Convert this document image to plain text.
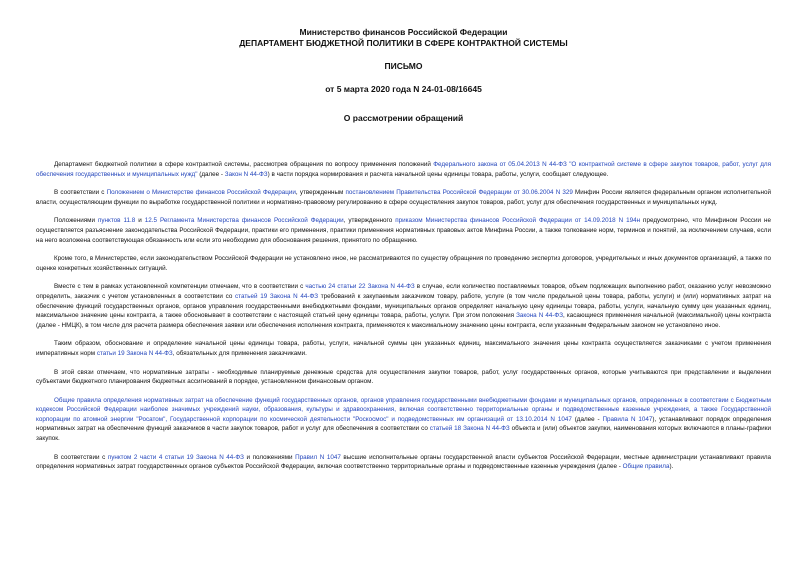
Министерство финансов Российской Федерации
ДЕПАРТАМЕНТ БЮДЖЕТНОЙ ПОЛИТИКИ В СФЕРЕ КОНТРАКТНОЙ СИСТЕМЫ
ПИСЬМО
от 5 марта 2020 года N 24-01-08/16645
О рассмотрении обращений

Департамент бюджетной политики в сфере контрактной системы, рассмотрев обращения по вопросу применения положений Федерального закона от 05.04.2013 N 44-ФЗ "О контрактной системе в сфере закупок товаров, работ, услуг для обеспечения государственных и муниципальных нужд" (далее - Закон N 44-ФЗ) в части порядка нормирования и расчета начальной цены единицы товара, работы, услуги, сообщает следующее.

В соответствии с Положением о Министерстве финансов Российской Федерации, утвержденным постановлением Правительства Российской Федерации от 30.06.2004 N 329 Минфин России является федеральным органом исполнительной власти, осуществляющим функции по выработке государственной политики и нормативно-правовому регулированию в сфере осуществления закупок товаров, работ, услуг для обеспечения государственных и муниципальных нужд.

Положениями пунктов 11.8 и 12.5 Регламента Министерства финансов Российской Федерации, утвержденного приказом Министерства финансов Российской Федерации от 14.09.2018 N 194н предусмотрено, что Минфином России не осуществляется разъяснение законодательства Российской Федерации, практики его применения, практики применения нормативных правовых актов Минфина России, а также толкование норм, терминов и понятий, за исключением случаев, если на него возложена соответствующая обязанность или если это необходимо для обоснования решения, принятого по обращению.

Кроме того, в Министерстве, если законодательством Российской Федерации не установлено иное, не рассматриваются по существу обращения по проведению экспертиз договоров, учредительных и иных документов организаций, а также по оценке конкретных хозяйственных ситуаций.

Вместе с тем в рамках установленной компетенции отмечаем, что в соответствии с частью 24 статьи 22 Закона N 44-ФЗ в случае, если количество поставляемых товаров, объем подлежащих выполнению работ, оказанию услуг невозможно определить, заказчик с учетом установленных в соответствии со статьей 19 Закона N 44-ФЗ требований к закупаемым заказчиком товару, работе, услуге (в том числе предельной цены товара, работы, услуги) и (или) нормативных затрат на обеспечение функций государственных органов, органов управления государственными внебюджетными фондами, муниципальных органов определяет начальную цену единицы товара, работы, услуги, начальную сумму цен указанных единиц, максимальное значение цены контракта, а также обосновывает в соответствии с настоящей статьей цену единицы товара, работы, услуги. При этом положения Закона N 44-ФЗ, касающиеся применения начальной (максимальной) цены контракта (далее - НМЦК), в том числе для расчета размера обеспечения заявки или обеспечения исполнения контракта, применяются к максимальному значению цены контракта, если указанным Федеральным законом не установлено иное.

Таким образом, обоснование и определение начальной цены единицы товара, работы, услуги, начальной суммы цен указанных единиц, максимального значения цены контракта осуществляется заказчиками с учетом применения императивных норм статьи 19 Закона N 44-ФЗ, обязательных для применения заказчиками.

В этой связи отмечаем, что нормативные затраты - необходимые планируемые денежные средства для осуществления закупки товаров, работ, услуг государственных органов, которые учитываются при представлении и выделении субъектами бюджетного планирования бюджетных ассигнований в порядке, установленном финансовым органом.

Общие правила определения нормативных затрат на обеспечение функций государственных органов, органов управления государственными внебюджетными фондами и муниципальных органов, определенных в соответствии с Бюджетным кодексом Российской Федерации наиболее значимых учреждений науки, образования, культуры и здравоохранения, включая соответственно территориальные органы и подведомственные казенные учреждения, а также Государственной корпорации по атомной энергии "Росатом", Государственной корпорации по космической деятельности "Роскосмос" и подведомственных им организаций от 13.10.2014 N 1047 (далее - Правила N 1047), устанавливают порядок определения нормативных затрат на обеспечение функций заказчиков в части закупок товаров, работ и услуг для обеспечения в соответствии со статьей 18 Закона N 44-ФЗ объекта и (или) объектов закупки, наименования которых включаются в планы-графики закупок.

В соответствии с пунктом 2 части 4 статьи 19 Закона N 44-ФЗ и положениями Правил N 1047 высшие исполнительные органы государственной власти субъектов Российской Федерации, местные администрации устанавливают правила определения нормативных затрат государственных органов субъектов Российской Федерации, включая соответственно территориальные органы и подведомственные казенные учреждения (далее - Общие правила).
